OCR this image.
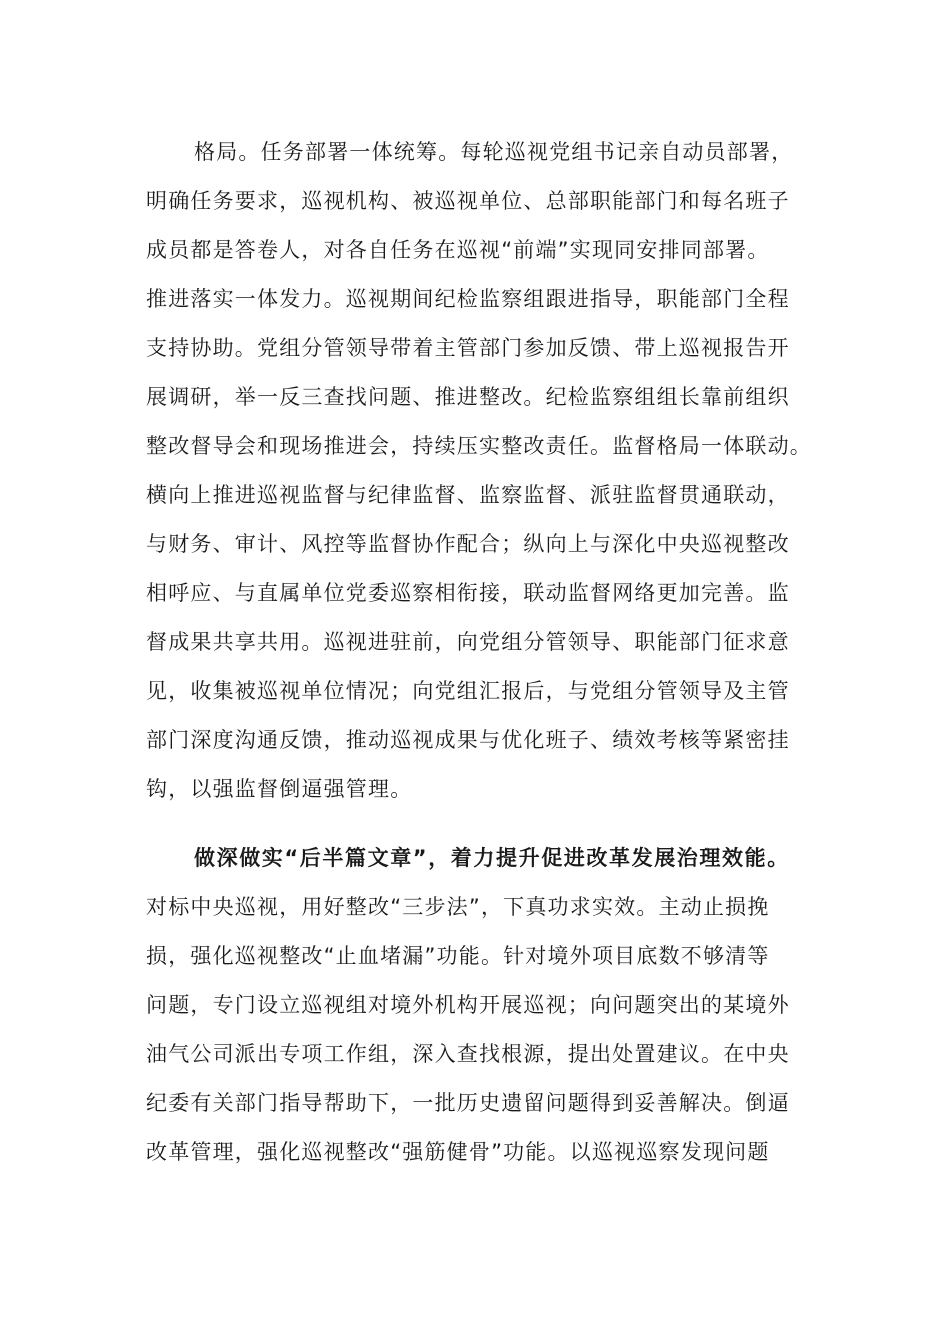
格局。任务部署一体统筹。每轮巡视党组书记亲自动员部署，
明确任务要求，巡视机构、被巡视单位、总部职能部门和每名班子
成员都是答卷人，对各自任务在巡视“前端”实现同安排同部署。
推进落实一体发力。巡视期间纪检监察组跟进指导，职能部门全程
支持协助。党组分管领导带着主管部门参加反馈、带上巡视报告开
展调研，举一反三查找问题、推进整改。纪检监察组组长靠前组织
整改督导会和现场推进会，持续压实整改责任。监督格局一体联动。
横向上推进巡视监督与纪律监督、监察监督、派驻监督贯通联动，
与财务、审计、风控等监督协作配合；纵向上与深化中央巡视整改
相呼应、与直属单位党委巡察相衔接，联动监督网络更加完善。监
督成果共享共用。巡视进驻前，向党组分管领导、职能部门征求意
见，收集被巡视单位情况；向党组汇报后，与党组分管领导及主管
部门深度沟通反馈，推动巡视成果与优化班子、绩效考核等紧密挂
钩，以强监督倒逼强管理。
做深做实“后半篇文章”，着力提升促进改革发展治理效能。
对标中央巡视，用好整改“三步法”，下真功求实效。主动止损挽
损，强化巡视整改“止血堵漏”功能。针对境外项目底数不够清等
问题，专门设立巡视组对境外机构开展巡视；向问题突出的某境外
油气公司派出专项工作组，深入查找根源，提出处置建议。在中央
纪委有关部门指导帮助下，一批历史遗留问题得到妥善解决。倒逼
改革管理，强化巡视整改“强筋健骨”功能。以巡视巡察发现问题
